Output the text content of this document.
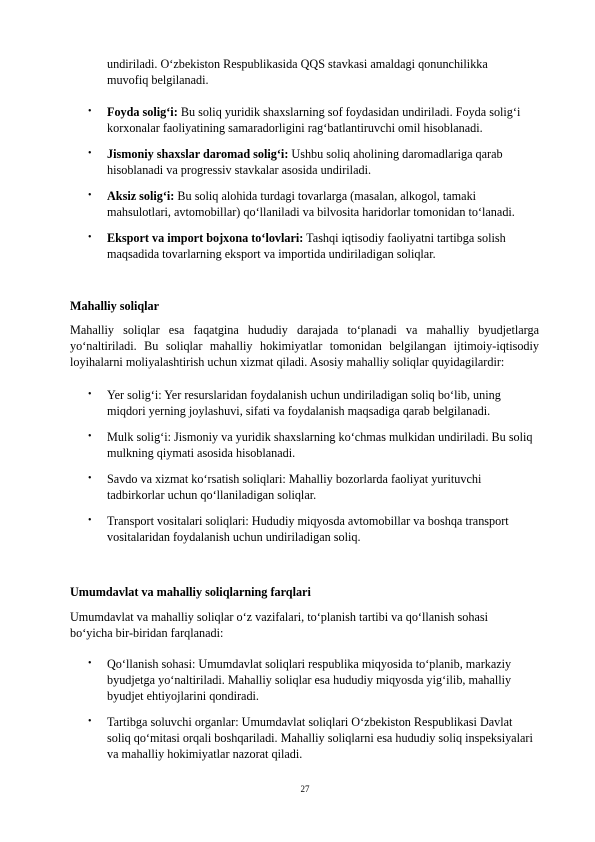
undiriladi. O‘zbekiston Respublikasida QQS stavkasi amaldagi qonunchilikka muvofiq belgilanadi.

• Foyda solig‘i: Bu soliq yuridik shaxslarning sof foydasidan undiriladi. Foyda solig‘i korxonalar faoliyatining samaradorligini rag‘batlantiruvchi omil hisoblanadi.
• Jismoniy shaxslar daromad solig‘i: Ushbu soliq aholining daromadlariga qarab hisoblanadi va progressiv stavkalar asosida undiriladi.
• Aksiz solig‘i: Bu soliq alohida turdagi tovarlarga (masalan, alkogol, tamaki mahsulotlari, avtomobillar) qo‘llaniladi va bilvosita haridorlar tomonidan to‘lanadi.
• Eksport va import bojxona to‘lovlari: Tashqi iqtisodiy faoliyatni tartibga solish maqsadida tovarlarning eksport va importida undiriladigan soliqlar.
Mahalliy soliqlar

Mahalliy soliqlar esa faqatgina hududiy darajada to‘planadi va mahalliy byudjetlarga yo‘naltiriladi. Bu soliqlar mahalliy hokimiyatlar tomonidan belgilangan ijtimoiy-iqtisodiy loyihalarni moliyalashtirish uchun xizmat qiladi. Asosiy mahalliy soliqlar quyidagilardir:

• Yer solig‘i: Yer resurslaridan foydalanish uchun undiriladigan soliq bo‘lib, uning miqdori yerning joylashuvi, sifati va foydalanish maqsadiga qarab belgilanadi.
• Mulk solig‘i: Jismoniy va yuridik shaxslarning ko‘chmas mulkidan undiriladi. Bu soliq mulkning qiymati asosida hisoblanadi.
• Savdo va xizmat ko‘rsatish soliqlari: Mahalliy bozorlarda faoliyat yurituvchi tadbirkorlar uchun qo‘llaniladigan soliqlar.
• Transport vositalari soliqlari: Hududiy miqyosda avtomobillar va boshqa transport vositalaridan foydalanish uchun undiriladigan soliq.
Umumdavlat va mahalliy soliqlarning farqlari

Umumdavlat va mahalliy soliqlar o‘z vazifalari, to‘planish tartibi va qo‘llanish sohasi bo‘yicha bir-biridan farqlanadi:

• Qo‘llanish sohasi: Umumdavlat soliqlari respublika miqyosida to‘planib, markaziy byudjetga yo‘naltiriladi. Mahalliy soliqlar esa hududiy miqyosda yig‘ilib, mahalliy byudjet ehtiyojlarini qondiradi.
• Tartibga soluvchi organlar: Umumdavlat soliqlari O‘zbekiston Respublikasi Davlat soliq qo‘mitasi orqali boshqariladi. Mahalliy soliqlarni esa hududiy soliq inspeksiyalari va mahalliy hokimiyatlar nazorat qiladi.
27
